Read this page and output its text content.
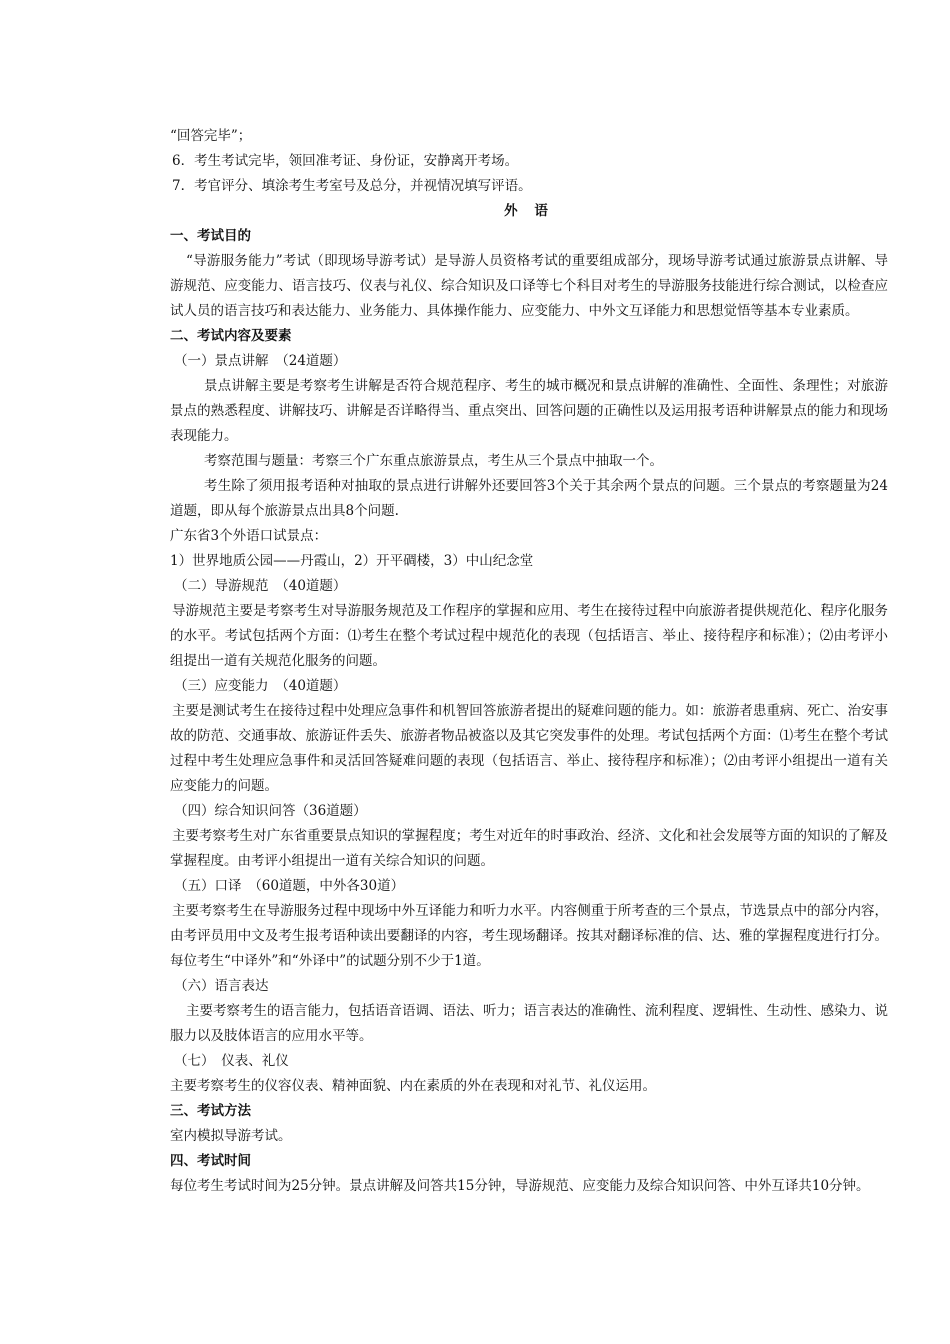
“回答完毕”；

6．考生考试完毕，领回准考证、身份证，安静离开考场。

7．考官评分、填涂考生考室号及总分，并视情况填写评语。

外 语

一、考试目的

“导游服务能力”考试（即现场导游考试）是导游人员资格考试的重要组成部分，现场导游考试通过旅游景点讲解、导游规范、应变能力、语言技巧、仪表与礼仪、综合知识及口译等七个科目对考生的导游服务技能进行综合测试，以检查应试人员的语言技巧和表达能力、业务能力、具体操作能力、应变能力、中外文互译能力和思想觉悟等基本专业素质。

二、考试内容及要素

（一）景点讲解　（24道题）

景点讲解主要是考察考生讲解是否符合规范程序、考生的城市概况和景点讲解的准确性、全面性、条理性；对旅游景点的熟悉程度、讲解技巧、讲解是否详略得当、重点突出、回答问题的正确性以及运用报考语种讲解景点的能力和现场表现能力。

考察范围与题量：考察三个广东重点旅游景点，考生从三个景点中抽取一个。

考生除了须用报考语种对抽取的景点进行讲解外还要回答3个关于其余两个景点的问题。三个景点的考察题量为24道题，即从每个旅游景点出具8个问题.

广东省3个外语口试景点：

1）世界地质公园——丹霞山，2）开平碉楼，3）中山纪念堂

（二）导游规范　（40道题）

导游规范主要是考察考生对导游服务规范及工作程序的掌握和应用、考生在接待过程中向旅游者提供规范化、程序化服务的水平。考试包括两个方面：⑴考生在整个考试过程中规范化的表现（包括语言、举止、接待程序和标准）；⑵由考评小组提出一道有关规范化服务的问题。

（三）应变能力　（40道题）

主要是测试考生在接待过程中处理应急事件和机智回答旅游者提出的疑难问题的能力。如：旅游者患重病、死亡、治安事故的防范、交通事故、旅游证件丢失、旅游者物品被盗以及其它突发事件的处理。考试包括两个方面：⑴考生在整个考试过程中考生处理应急事件和灵活回答疑难问题的表现（包括语言、举止、接待程序和标准）；⑵由考评小组提出一道有关应变能力的问题。

（四）综合知识问答（36道题）

主要考察考生对广东省重要景点知识的掌握程度；考生对近年的时事政治、经济、文化和社会发展等方面的知识的了解及掌握程度。由考评小组提出一道有关综合知识的问题。

（五）口译　（60道题，中外各30道）

主要考察考生在导游服务过程中现场中外互译能力和听力水平。内容侧重于所考查的三个景点，节选景点中的部分内容，由考评员用中文及考生报考语种读出要翻译的内容，考生现场翻译。按其对翻译标准的信、达、雅的掌握程度进行打分。每位考生“中译外”和“外译中”的试题分别不少于1道。

（六）语言表达

主要考察考生的语言能力，包括语音语调、语法、听力；语言表达的准确性、流利程度、逻辑性、生动性、感染力、说服力以及肢体语言的应用水平等。

（七）　仪表、礼仪

主要考察考生的仪容仪表、精神面貌、内在素质的外在表现和对礼节、礼仪运用。

三、考试方法

室内模拟导游考试。

四、考试时间

每位考生考试时间为25分钟。景点讲解及问答共15分钟，导游规范、应变能力及综合知识问答、中外互译共10分钟。
